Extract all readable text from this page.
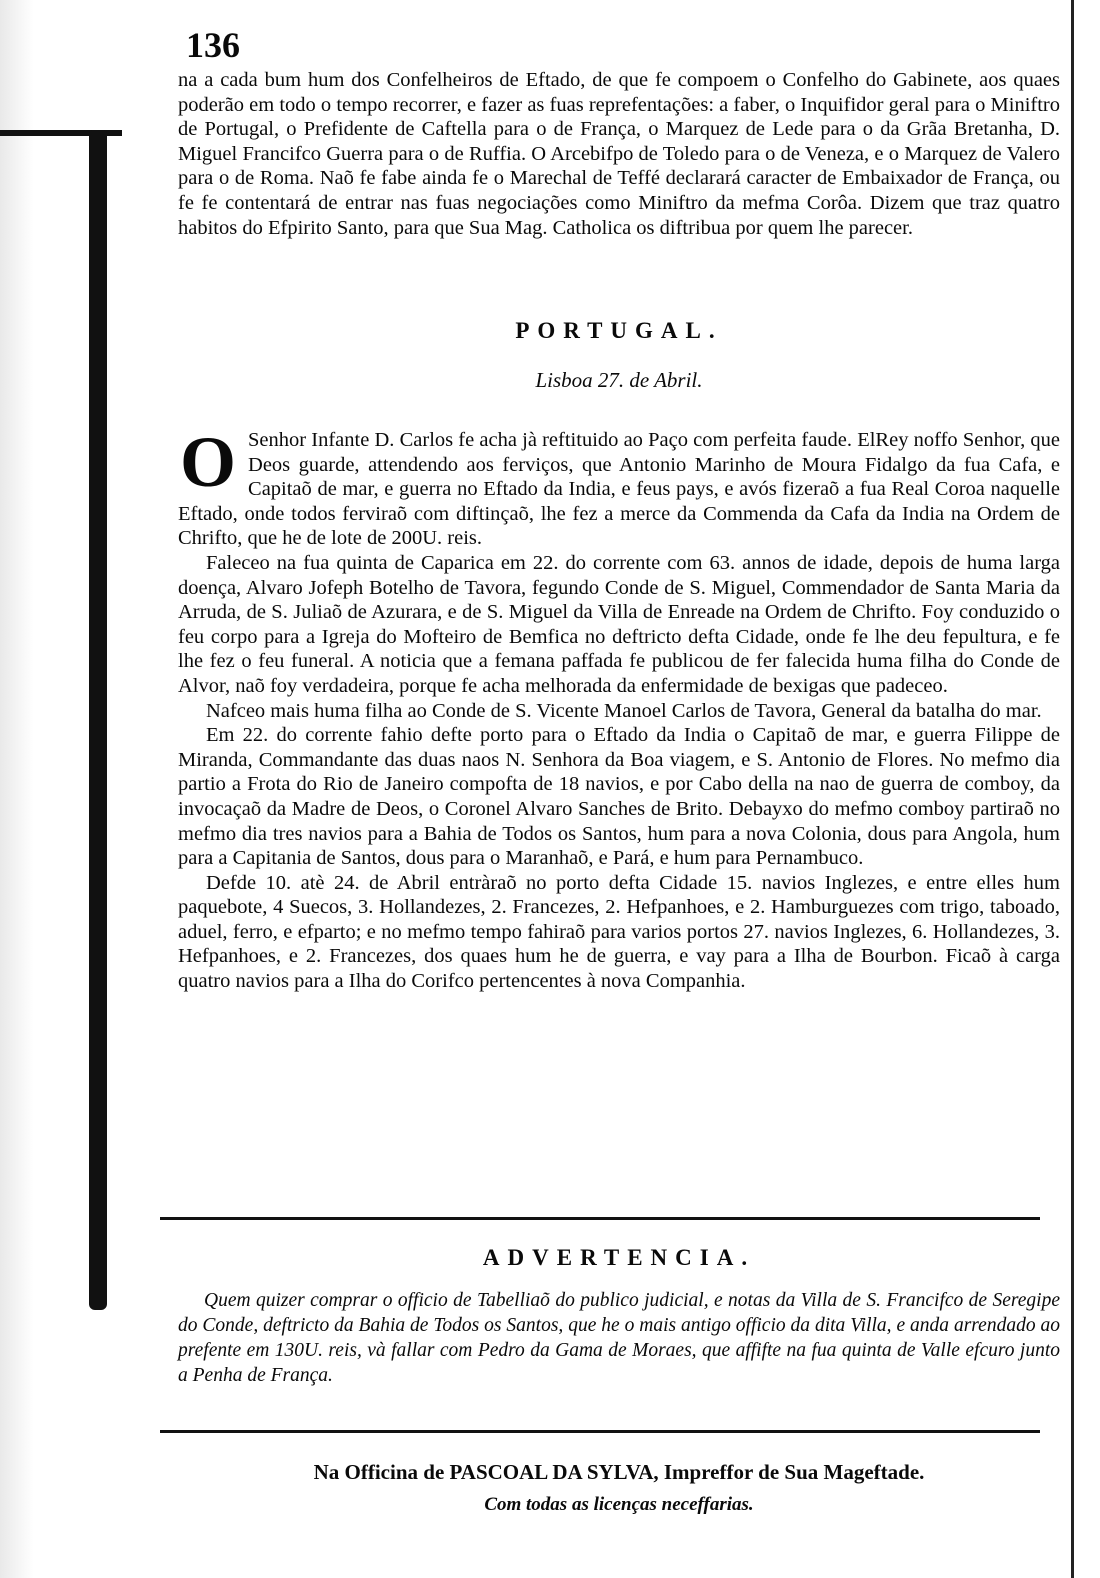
136

na a cada bum hum dos Confelheiros de Eftado, de que fe compoem o Confelho do Gabinete, aos quaes poderão em todo o tempo recorrer, e fazer as fuas reprefentações: a faber, o Inquifidor geral para o Miniftro de Portugal, o Prefidente de Caftella para o de França, o Marquez de Lede para o da Grãa Bretanha, D. Miguel Francifco Guerra para o de Ruffia. O Arcebifpo de Toledo para o de Veneza, e o Marquez de Valero para o de Roma. Naõ fe fabe ainda fe o Marechal de Teffé declarará caracter de Embaixador de França, ou fe fe contentará de entrar nas fuas negociações como Miniftro da mefma Corôa. Dizem que traz quatro habitos do Efpirito Santo, para que Sua Mag. Catholica os diftribua por quem lhe parecer.

PORTUGAL.
Lisboa 27. de Abril.

O Senhor Infante D. Carlos fe acha jà reftituido ao Paço com perfeita faude. ElRey noffo Senhor, que Deos guarde, attendendo aos ferviços, que Antonio Marinho de Moura Fidalgo da fua Cafa, e Capitaõ de mar, e guerra no Eftado da India, e feus pays, e avós fizeraõ a fua Real Coroa naquelle Eftado, onde todos ferviraõ com diftinçaõ, lhe fez a merce da Commenda da Cafa da India na Ordem de Chrifto, que he de lote de 200U. reis.

Faleceo na fua quinta de Caparica em 22. do corrente com 63. annos de idade, depois de huma larga doença, Alvaro Jofeph Botelho de Tavora, fegundo Conde de S. Miguel, Commendador de Santa Maria da Arruda, de S. Juliaõ de Azurara, e de S. Miguel da Villa de Enreade na Ordem de Chrifto. Foy conduzido o feu corpo para a Igreja do Mofteiro de Bemfica no deftricto defta Cidade, onde fe lhe deu fepultura, e fe lhe fez o feu funeral. A noticia que a femana paffada fe publicou de fer falecida huma filha do Conde de Alvor, naõ foy verdadeira, porque fe acha melhorada da enfermidade de bexigas que padeceo.

Nafceo mais huma filha ao Conde de S. Vicente Manoel Carlos de Tavora, General da batalha do mar.

Em 22. do corrente fahio defte porto para o Eftado da India o Capitaõ de mar, e guerra Filippe de Miranda, Commandante das duas naos N. Senhora da Boa viagem, e S. Antonio de Flores. No mefmo dia partio a Frota do Rio de Janeiro compofta de 18 navios, e por Cabo della na nao de guerra de comboy, da invocaçaõ da Madre de Deos, o Coronel Alvaro Sanches de Brito. Debayxo do mefmo comboy partiraõ no mefmo dia tres navios para a Bahia de Todos os Santos, hum para a nova Colonia, dous para Angola, hum para a Capitania de Santos, dous para o Maranhaõ, e Pará, e hum para Pernambuco.

Defde 10. atè 24. de Abril entràraõ no porto defta Cidade 15. navios Inglezes, e entre elles hum paquebote, 4 Suecos, 3. Hollandezes, 2. Francezes, 2. Hefpanhoes, e 2. Hamburguezes com trigo, taboado, aduel, ferro, e efparto; e no mefmo tempo fahiraõ para varios portos 27. navios Inglezes, 6. Hollandezes, 3. Hefpanhoes, e 2. Francezes, dos quaes hum he de guerra, e vay para a Ilha de Bourbon. Ficaõ à carga quatro navios para a Ilha do Corifco pertencentes à nova Companhia.

ADVERTENCIA.

Quem quizer comprar o officio de Tabelliaõ do publico judicial, e notas da Villa de S. Francifco de Seregipe do Conde, deftricto da Bahia de Todos os Santos, que he o mais antigo officio da dita Villa, e anda arrendado ao prefente em 130U. reis, và fallar com Pedro da Gama de Moraes, que affifte na fua quinta de Valle efcuro junto a Penha de França.

Na Officina de PASCOAL DA SYLVA, Impreffor de Sua Mageftade.
Com todas as licenças neceffarias.
